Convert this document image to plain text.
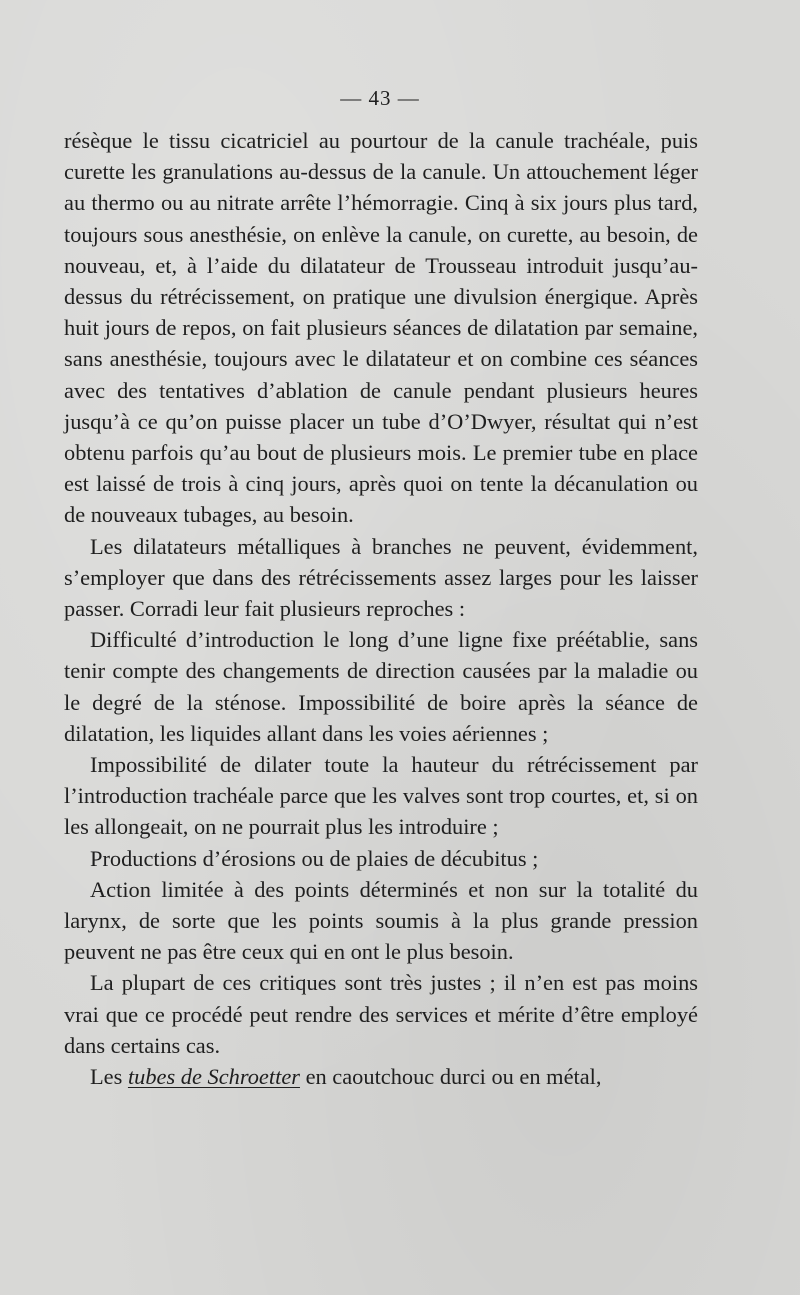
— 43 —

résèque le tissu cicatriciel au pourtour de la canule trachéale, puis curette les granulations au-dessus de la canule. Un attouchement léger au thermo ou au nitrate arrête l’hémorragie. Cinq à six jours plus tard, toujours sous anesthésie, on enlève la canule, on curette, au besoin, de nouveau, et, à l’aide du dilatateur de Trousseau introduit jusqu’au-dessus du rétrécissement, on pratique une divulsion énergique. Après huit jours de repos, on fait plusieurs séances de dilatation par semaine, sans anesthésie, toujours avec le dilatateur et on combine ces séances avec des tentatives d’ablation de canule pendant plusieurs heures jusqu’à ce qu’on puisse placer un tube d’O’Dwyer, résultat qui n’est obtenu parfois qu’au bout de plusieurs mois. Le premier tube en place est laissé de trois à cinq jours, après quoi on tente la décanulation ou de nouveaux tubages, au besoin.

Les dilatateurs métalliques à branches ne peuvent, évidemment, s’employer que dans des rétrécissements assez larges pour les laisser passer. Corradi leur fait plusieurs reproches :

Difficulté d’introduction le long d’une ligne fixe préétablie, sans tenir compte des changements de direction causées par la maladie ou le degré de la sténose. Impossibilité de boire après la séance de dilatation, les liquides allant dans les voies aériennes ;

Impossibilité de dilater toute la hauteur du rétrécissement par l’introduction trachéale parce que les valves sont trop courtes, et, si on les allongeait, on ne pourrait plus les introduire ;

Productions d’érosions ou de plaies de décubitus ;

Action limitée à des points déterminés et non sur la totalité du larynx, de sorte que les points soumis à la plus grande pression peuvent ne pas être ceux qui en ont le plus besoin.

La plupart de ces critiques sont très justes ; il n’en est pas moins vrai que ce procédé peut rendre des services et mérite d’être employé dans certains cas.

Les tubes de Schroetter en caoutchouc durci ou en métal,
